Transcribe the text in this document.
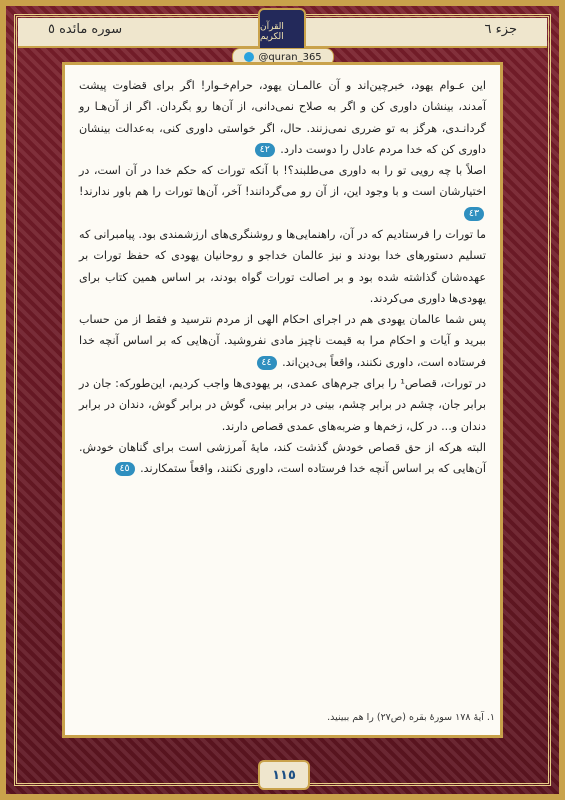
جزء ٦
سوره مائده ٥	القرآن الكريم
@quran_365

این عـوام یهود، خبرچین‌اند و آن عالمـان یهود، حرام‌خـوار! اگر برای قضاوت پیشت آمدند، بینشان داوری کن و اگر به صلاح نمی‌دانی، از آن‌ها رو بگردان. اگر از آن‌هـا رو گردانـدی، هرگز به تو ضرری نمی‌زنند. حال، اگر خواستی داوری کنی، به‌عدالت بینشان داوری کن که خدا مردم عادل را دوست دارد. ٤٢

اصلاً با چه رویی تو را به داوری می‌طلبند؟! با آنکه تورات که حکم خدا در آن است، در اختیارشان است و با وجود این، از آن رو می‌گردانند! آخر، آن‌ها تورات را هم باور ندارند! ٤٣

ما تورات را فرستادیم که در آن، راهنمایی‌ها و روشنگری‌های ارزشمندی بود. پیامبرانی که تسلیم دستورهای خدا بودند و نیز عالمان خداجو و روحانیان یهودی که حفظ تورات بر عهده‌شان گذاشته شده بود و بر اصالت تورات گواه بودند، بر اساس همین کتاب برای یهودی‌ها داوری می‌کردند.

پس شما عالمان یهودی هم در اجرای احکام الهی از مردم نترسید و فقط از من حساب ببرید و آیات و احکام مرا به قیمت ناچیز مادی نفروشید. آن‌هایی که بر اساس آنچه خدا فرستاده است، داوری نکنند، واقعاً بی‌دین‌اند. ٤٤

در تورات، قصاص¹ را برای جرم‌های عمدی، بر یهودی‌ها واجب کردیم، این‌طورکه: جان در برابر جان، چشم در برابر چشم، بینی در برابر بینی، گوش در برابر گوش، دندان در برابر دندان و... در کل، زخم‌ها و ضربه‌های عمدی قصاص دارند.

البته هرکه از حق قصاص خودش گذشت کند، مایۀ آمرزشی است برای گناهان خودش. آن‌هایی که بر اساس آنچه خدا فرستاده است، داوری نکنند، واقعاً ستمکارند. ٤٥

۱. آیۀ ۱۷۸ سورۀ بقره (ص۲۷) را هم ببینید.
١١٥
